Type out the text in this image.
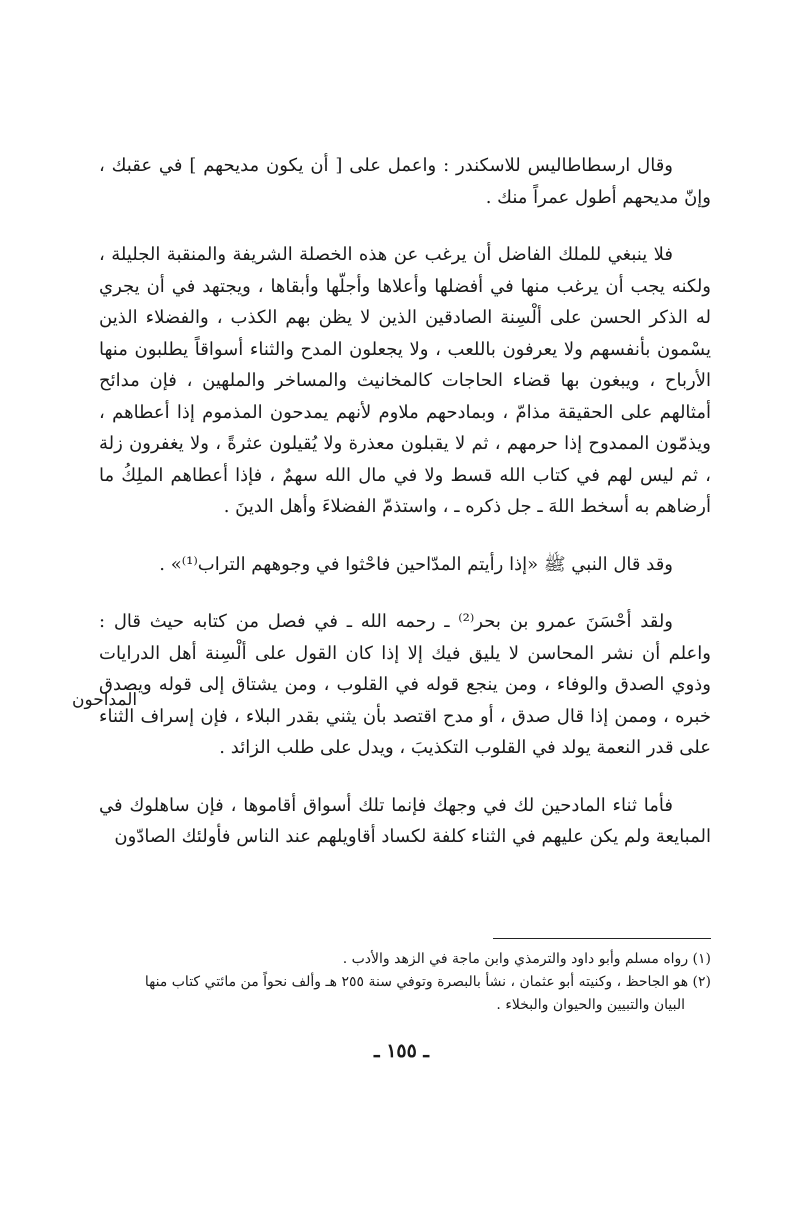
وقال ارسطاطاليس للاسكندر : واعمل على [ أن يكون مديحهم ] في عقبك ، وإنّ مديحهم أطول عمراً منك .

فلا ينبغي للملك الفاضل أن يرغب عن هذه الخصلة الشريفة والمنقبة الجليلة ، ولكنه يجب أن يرغب منها في أفضلها وأعلاها وأجلّها وأبقاها ، ويجتهد في أن يجري له الذكر الحسن على ألْسِنة الصادقين الذين لا يظن بهم الكذب ، والفضلاء الذين يسْمون بأنفسهم ولا يعرفون باللعب ، ولا يجعلون المدح والثناء أسواقاً يطلبون منها الأرباح ، ويبغون بها قضاء الحاجات كالمخانيث والمساخر والملهين ، فإن مدائح أمثالهم على الحقيقة مذامّ ، وبمادحهم ملاوم لأنهم يمدحون المذموم إذا أعطاهم ، ويذمّون الممدوح إذا حرمهم ، ثم لا يقبلون معذرة ولا يُقيلون عثرةً ، ولا يغفرون زلة ، ثم ليس لهم في كتاب الله قسط ولا في مال الله سهمٌ ، فإذا أعطاهم الملِكُ ما أرضاهم به أسخط اللهَ ـ جل ذكره ـ ، واستذمّ الفضلاءَ وأهل الدينَ .

وقد قال النبي ﷺ «إذا رأيتم المدّاحين فاحْثوا في وجوههم التراب⁽¹⁾» .

ولقد أحْسَنَ عمرو بن بحر⁽²⁾ ـ رحمه الله ـ في فصل من كتابه حيث قال : واعلم أن نشر المحاسن لا يليق فيك إلا إذا كان القول على ألْسِنة أهل الدرايات وذوي الصدق والوفاء ، ومن ينجع قوله في القلوب ، ومن يشتاق إلى قوله ويصدق خبره ، وممن إذا قال صدق ، أو مدح اقتصد بأن يثني بقدر البلاء ، فإن إسراف الثناء على قدر النعمة يولد في القلوب التكذيبَ ، ويدل على طلب الزائد .

فأما ثناء المادحين لك في وجهك فإنما تلك أسواق أقاموها ، فإن ساهلوك في المبايعة ولم يكن عليهم في الثناء كلفة لكساد أقاويلهم عند الناس فأولئك الصادّون

المداحون

(١) رواه مسلم وأبو داود والترمذي وابن ماجة في الزهد والأدب .

(٢) هو الجاحظ ، وكنيته أبو عثمان ، نشأ بالبصرة وتوفي سنة ٢٥٥ هـ وألف نحواً من مائتي كتاب منها

البيان والتبيين والحيوان والبخلاء .

ـ ١٥٥ ـ
